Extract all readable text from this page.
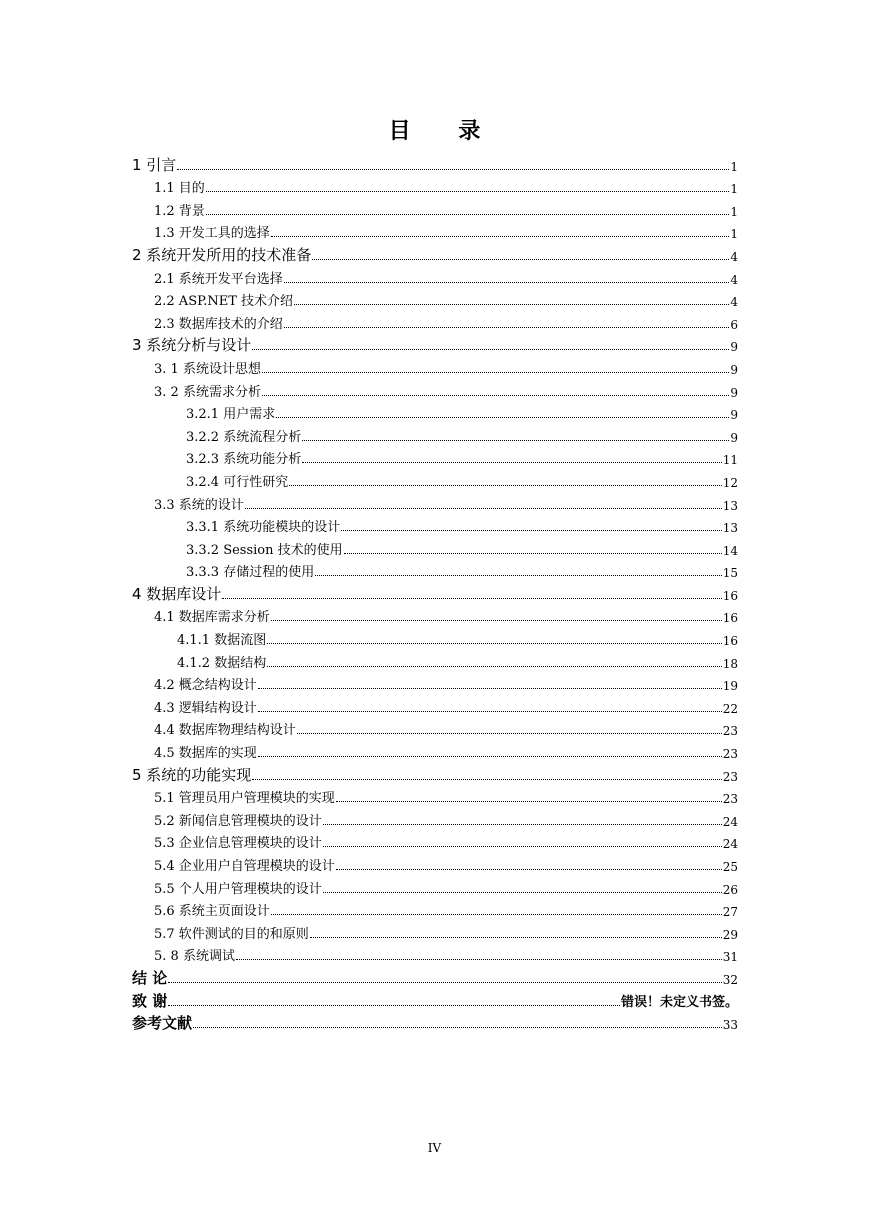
目 录
1 引言	1
1.1 目的	1
1.2 背景	1
1.3 开发工具的选择	1
2 系统开发所用的技术准备	4
2.1 系统开发平台选择	4
2.2 ASP.NET 技术介绍	4
2.3 数据库技术的介绍	6
3 系统分析与设计	9
3. 1 系统设计思想	9
3. 2 系统需求分析	9
3.2.1 用户需求	9
3.2.2 系统流程分析	9
3.2.3 系统功能分析	11
3.2.4 可行性研究	12
3.3 系统的设计	13
3.3.1 系统功能模块的设计	13
3.3.2 Session 技术的使用	14
3.3.3 存储过程的使用	15
4 数据库设计	16
4.1 数据库需求分析	16
4.1.1 数据流图	16
4.1.2 数据结构	18
4.2 概念结构设计	19
4.3 逻辑结构设计	22
4.4 数据库物理结构设计	23
4.5 数据库的实现	23
5 系统的功能实现	23
5.1 管理员用户管理模块的实现	23
5.2 新闻信息管理模块的设计	24
5.3 企业信息管理模块的设计	24
5.4 企业用户自管理模块的设计	25
5.5 个人用户管理模块的设计	26
5.6 系统主页面设计	27
5.7 软件测试的目的和原则	29
5. 8 系统调试	31
结 论	32
致 谢	错误！未定义书签。
参考文献	33
IV
